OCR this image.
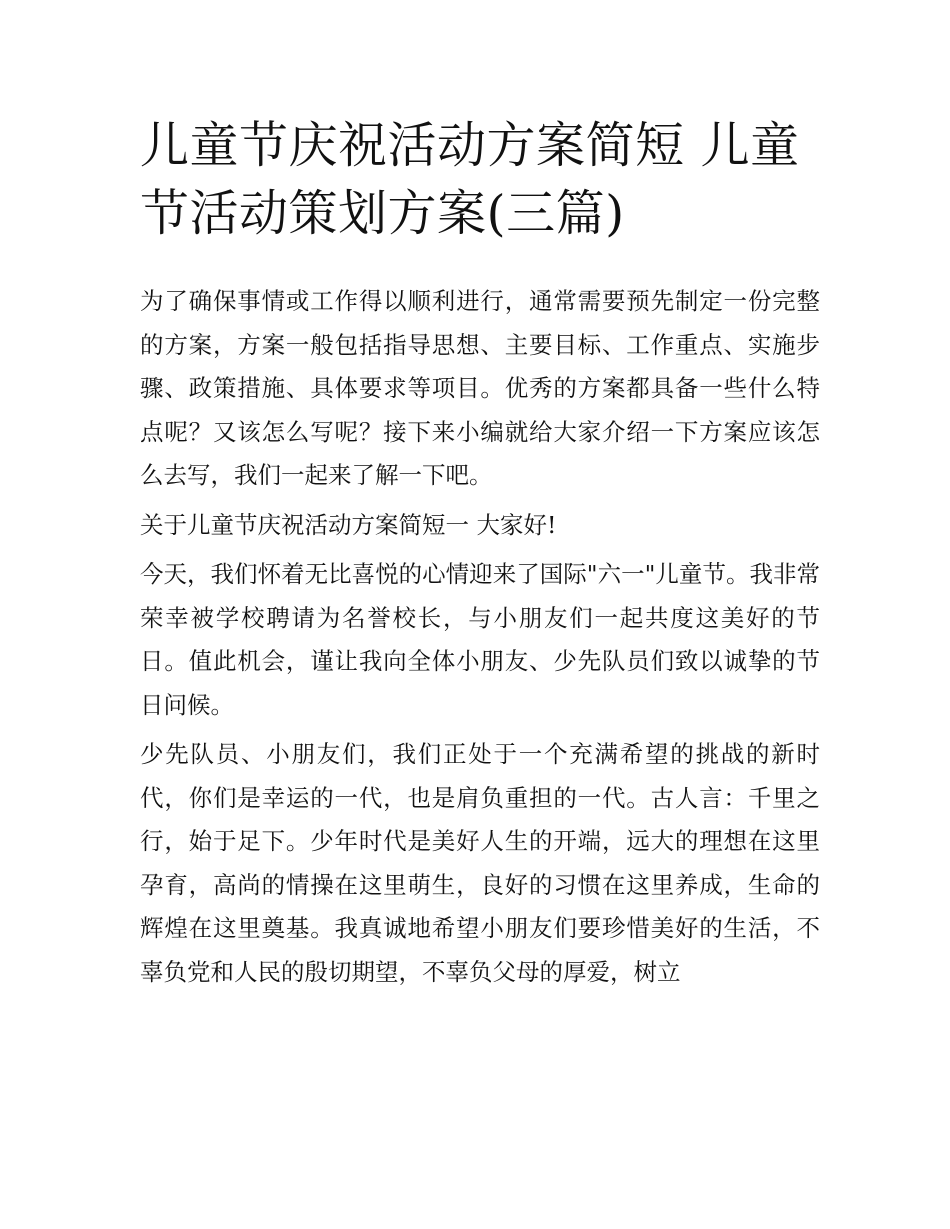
儿童节庆祝活动方案简短 儿童节活动策划方案(三篇)

为了确保事情或工作得以顺利进行，通常需要预先制定一份完整的方案，方案一般包括指导思想、主要目标、工作重点、实施步骤、政策措施、具体要求等项目。优秀的方案都具备一些什么特点呢？又该怎么写呢？接下来小编就给大家介绍一下方案应该怎么去写，我们一起来了解一下吧。

关于儿童节庆祝活动方案简短一 大家好!

今天，我们怀着无比喜悦的心情迎来了国际"六一"儿童节。我非常荣幸被学校聘请为名誉校长，与小朋友们一起共度这美好的节日。值此机会，谨让我向全体小朋友、少先队员们致以诚挚的节日问候。

少先队员、小朋友们，我们正处于一个充满希望的挑战的新时代，你们是幸运的一代，也是肩负重担的一代。古人言：千里之行，始于足下。少年时代是美好人生的开端，远大的理想在这里孕育，高尚的情操在这里萌生，良好的习惯在这里养成，生命的辉煌在这里奠基。我真诚地希望小朋友们要珍惜美好的生活，不辜负党和人民的殷切期望，不辜负父母的厚爱，树立
